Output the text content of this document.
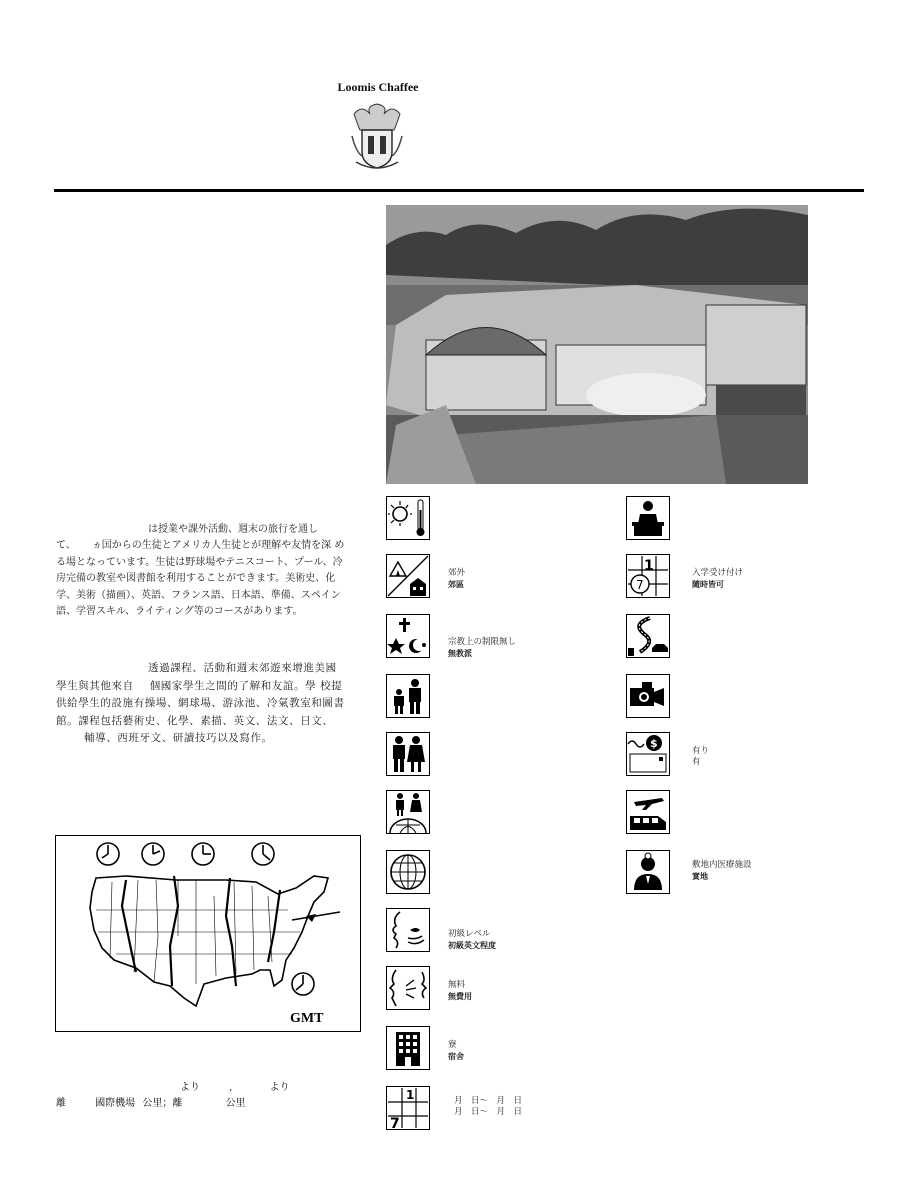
Loomis Chaffee
は授業や課外活動、週末の旅行を通し
て、 ヵ国からの生徒とアメリカ人生徒とが理解や友情を深 める場となっています。生徒は野球場やテニスコート、プール、冷房完備の教室や図書館を利用することができます。美術史、化学、美術（描画）、英語、フランス語、日本語、準備、スペイン語、学習スキル、ライティング等のコースがあります。
透過課程、活動和週末郊遊來增進美國
學生與其他來自 個國家學生之間的了解和友誼。學 校提供給學生的設施有操場、網球場、游泳池、冷氣教室和圖書館。課程包括藝術史、化學、素描、英文、法文、日文、輔導、西班牙文、研讀技巧以及寫作。
GMT
より	,	より
離	國際機場 公里；離	公里
郊外
郊區
宗教上の制限無し
無教派
初級レベル
初級英文程度
無料
無費用
寮
宿舍
1
7
月　日～　月　日
月　日～　月　日
1
7
入学受け付け
隨時皆可
$
有り
有
敷地内医療施設
實地
